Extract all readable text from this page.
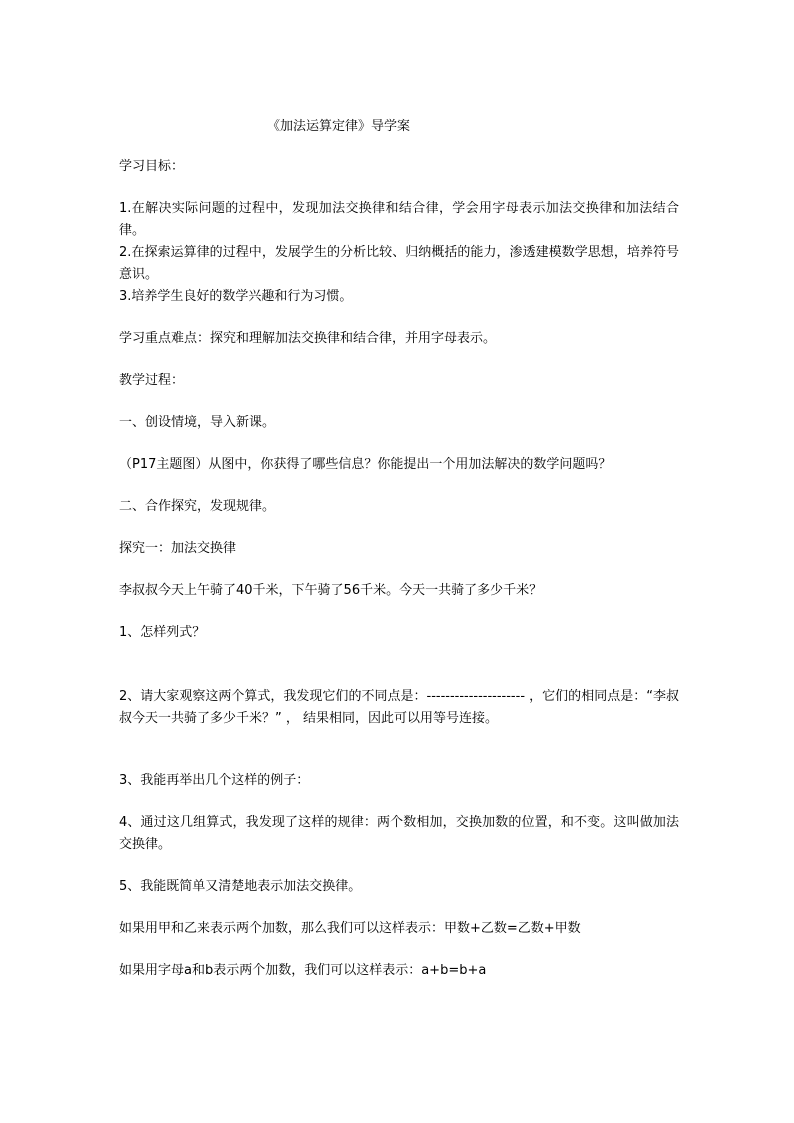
《加法运算定律》导学案

学习目标：

1.在解决实际问题的过程中，发现加法交换律和结合律，学会用字母表示加法交换律和加法结合律。

2.在探索运算律的过程中，发展学生的分析比较、归纳概括的能力，渗透建模数学思想，培养符号意识。

3.培养学生良好的数学兴趣和行为习惯。

学习重点难点：探究和理解加法交换律和结合律，并用字母表示。

教学过程：

一、创设情境，导入新课。

（P17主题图）从图中，你获得了哪些信息？你能提出一个用加法解决的数学问题吗？

二、合作探究，发现规律。

探究一：加法交换律

李叔叔今天上午骑了40千米，下午骑了56千米。今天一共骑了多少千米？

1、怎样列式？

2、请大家观察这两个算式，我发现它们的不同点是：--------------------- ，它们的相同点是：“李叔叔今天一共骑了多少千米？” ， 结果相同，因此可以用等号连接。

3、我能再举出几个这样的例子：

4、通过这几组算式，我发现了这样的规律：两个数相加，交换加数的位置，和不变。这叫做加法交换律。

5、我能既简单又清楚地表示加法交换律。

如果用甲和乙来表示两个加数，那么我们可以这样表示：甲数+乙数=乙数+甲数

如果用字母a和b表示两个加数，我们可以这样表示：a+b=b+a
